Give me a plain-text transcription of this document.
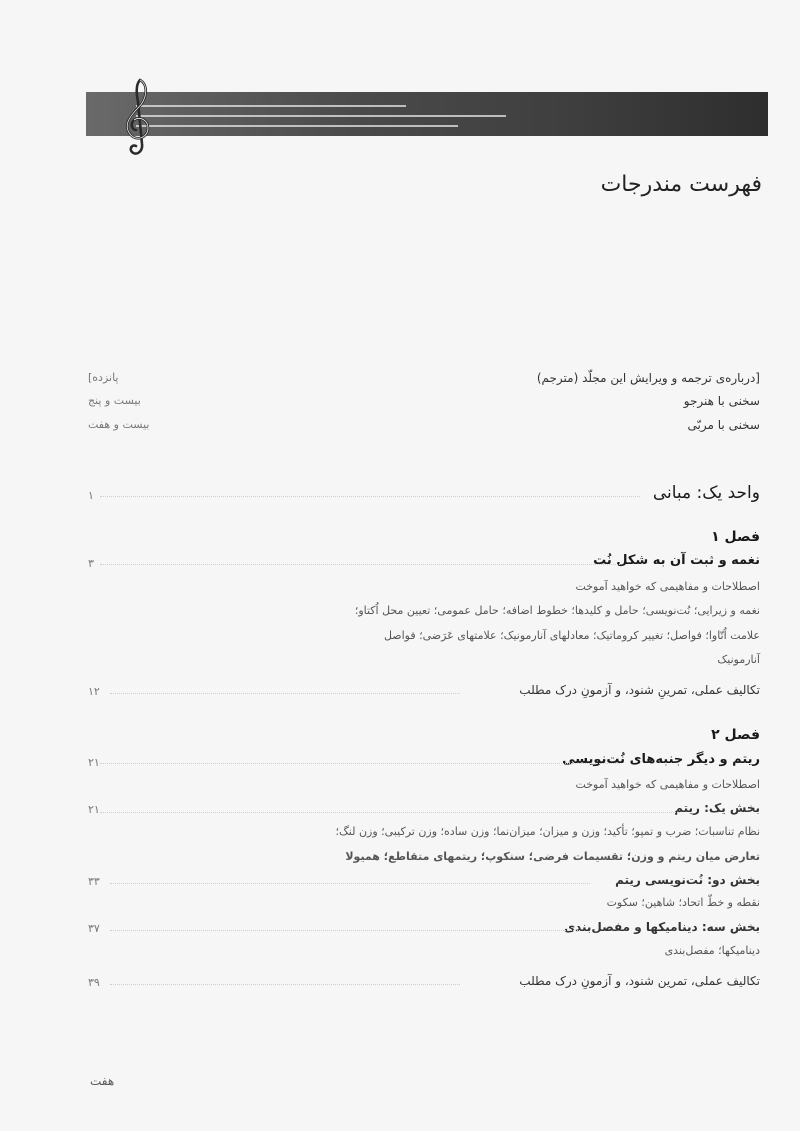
فهرست مندرجات
[درباره‌ی ترجمه و ویرایش این مجلّد (مترجم)
پانزده]
سخنی با هنرجو
بیست و پنج
سخنی با مربّی
بیست و هفت
واحد یک: مبانی
۱
فصل ۱
نغمه و ثبت آن به شکل نُت
۳
اصطلاحات و مفاهیمی که خواهید آموخت
نغمه و زیرایی؛ نُت‌نویسی؛ حامل و کلیدها؛ خطوط اضافه؛ حامل عمومی؛ تعیین محل اُکتاو؛
علامت اُتّاوا؛ فواصل؛ تغییر کروماتیک؛ معادلهای آنارمونیک؛ علامتهای عَرَضی؛ فواصل
آنارمونیک
تکالیف عملی، تمرینِ شنود، و آزمونِ درک مطلب
۱۲
فصل ۲
ریتم و دیگر جنبه‌های نُت‌نویسی
۲۱
اصطلاحات و مفاهیمی که خواهید آموخت
بخش یک: ریتم
۲۱
نظام تناسبات؛ ضرب و تمپو؛ تأکید؛ وزن و میزان؛ میزان‌نما؛ وزن ساده؛ وزن ترکیبی؛ وزن لنگ؛
تعارض میان ریتم و وزن؛ تقسیمات فرضی؛ سنکوپ؛ ریتمهای متقاطع؛ همیولا
بخش دو: نُت‌نویسی ریتم
۳۳
نقطه و خطّ اتحاد؛ شاهین؛ سکوت
بخش سه: دینامیکها و مفصل‌بندی
۳۷
دینامیکها؛ مفصل‌بندی
تکالیف عملی، تمرین شنود، و آزمونِ درک مطلب
۳۹
هفت
